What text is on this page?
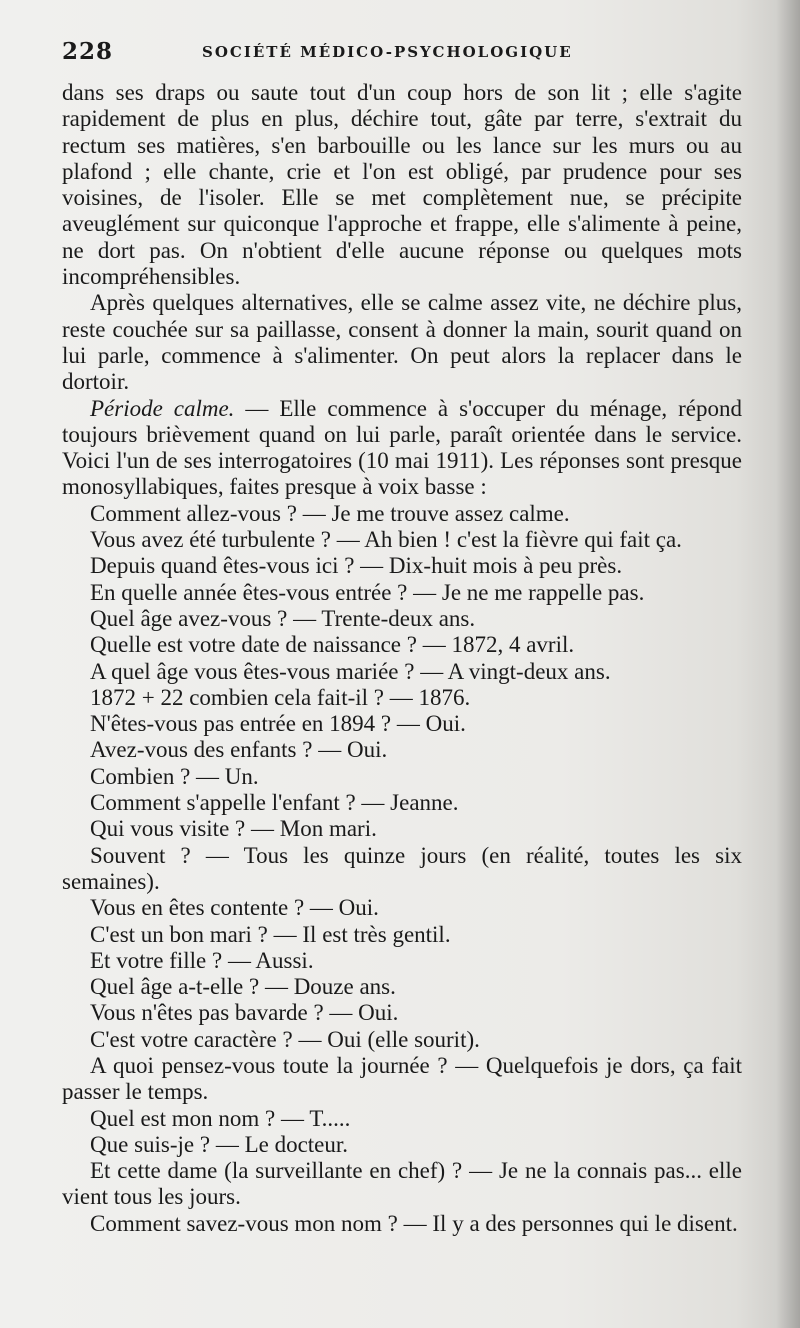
228	SOCIÉTÉ MÉDICO-PSYCHOLOGIQUE

dans ses draps ou saute tout d'un coup hors de son lit ; elle s'agite rapidement de plus en plus, déchire tout, gâte par terre, s'extrait du rectum ses matières, s'en barbouille ou les lance sur les murs ou au plafond ; elle chante, crie et l'on est obligé, par prudence pour ses voisines, de l'isoler. Elle se met complètement nue, se précipite aveuglément sur quiconque l'approche et frappe, elle s'alimente à peine, ne dort pas. On n'obtient d'elle aucune réponse ou quelques mots incompréhensibles.

Après quelques alternatives, elle se calme assez vite, ne déchire plus, reste couchée sur sa paillasse, consent à donner la main, sourit quand on lui parle, commence à s'alimenter. On peut alors la replacer dans le dortoir.

Période calme. — Elle commence à s'occuper du ménage, répond toujours brièvement quand on lui parle, paraît orientée dans le service. Voici l'un de ses interrogatoires (10 mai 1911). Les réponses sont presque monosyllabiques, faites presque à voix basse :

Comment allez-vous ? — Je me trouve assez calme.

Vous avez été turbulente ? — Ah bien ! c'est la fièvre qui fait ça.

Depuis quand êtes-vous ici ? — Dix-huit mois à peu près.

En quelle année êtes-vous entrée ? — Je ne me rappelle pas.

Quel âge avez-vous ? — Trente-deux ans.

Quelle est votre date de naissance ? — 1872, 4 avril.

A quel âge vous êtes-vous mariée ? — A vingt-deux ans.

1872 + 22 combien cela fait-il ? — 1876.

N'êtes-vous pas entrée en 1894 ? — Oui.

Avez-vous des enfants ? — Oui.

Combien ? — Un.

Comment s'appelle l'enfant ? — Jeanne.

Qui vous visite ? — Mon mari.

Souvent ? — Tous les quinze jours (en réalité, toutes les six semaines).

Vous en êtes contente ? — Oui.

C'est un bon mari ? — Il est très gentil.

Et votre fille ? — Aussi.

Quel âge a-t-elle ? — Douze ans.

Vous n'êtes pas bavarde ? — Oui.

C'est votre caractère ? — Oui (elle sourit).

A quoi pensez-vous toute la journée ? — Quelquefois je dors, ça fait passer le temps.

Quel est mon nom ? — T.....

Que suis-je ? — Le docteur.

Et cette dame (la surveillante en chef) ? — Je ne la connais pas... elle vient tous les jours.

Comment savez-vous mon nom ? — Il y a des personnes qui le disent.
